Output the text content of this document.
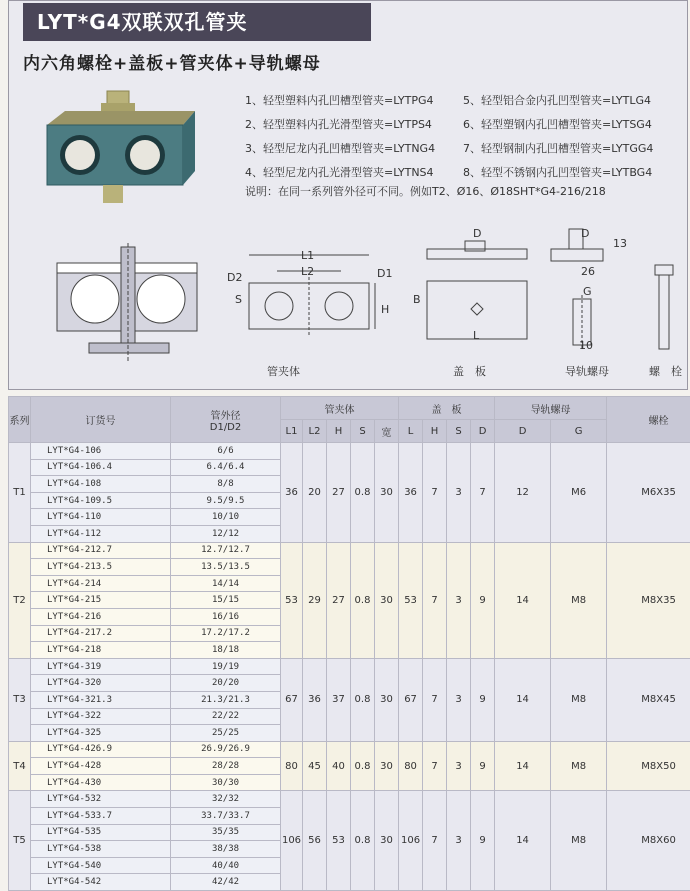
LYT*G4双联双孔管夹
内六角螺栓+盖板+管夹体+导轨螺母
L1
L2
D2	D1
S
H
D
B
L
D
13
26
G
10
1、轻型塑料内孔凹槽型管夹=LYTPG4	5、轻型铝合金内孔凹型管夹=LYTLG4
2、轻型塑料内孔光滑型管夹=LYTPS4	6、轻型塑钢内孔凹槽型管夹=LYTSG4
3、轻型尼龙内孔凹槽型管夹=LYTNG4	7、轻型钢制内孔凹槽型管夹=LYTGG4
4、轻型尼龙内孔光滑型管夹=LYTNS4	8、轻型不锈钢内孔凹型管夹=LYTBG4
说明：在同一系列管外径可不同。例如T2、Ø16、Ø18SHT*G4-216/218
管夹体	盖　板	导轨螺母	螺　栓
系列	订货号	管外径
D1/D2	管夹体					盖　板				导轨螺母		螺栓
			L1	L2	H	S	宽	L	H	S	D	D	G	
T1	LYT*G4-106	6/6	36	20	27	0.8	30	36	7	3	7	12	M6	M6X35
	LYT*G4-106.4	6.4/6.4												
	LYT*G4-108	8/8												
	LYT*G4-109.5	9.5/9.5												
	LYT*G4-110	10/10												
	LYT*G4-112	12/12												
T2	LYT*G4-212.7	12.7/12.7	53	29	27	0.8	30	53	7	3	9	14	M8	M8X35
	LYT*G4-213.5	13.5/13.5												
	LYT*G4-214	14/14												
	LYT*G4-215	15/15												
	LYT*G4-216	16/16												
	LYT*G4-217.2	17.2/17.2												
	LYT*G4-218	18/18												
T3	LYT*G4-319	19/19	67	36	37	0.8	30	67	7	3	9	14	M8	M8X45
	LYT*G4-320	20/20												
	LYT*G4-321.3	21.3/21.3												
	LYT*G4-322	22/22												
	LYT*G4-325	25/25												
T4	LYT*G4-426.9	26.9/26.9	80	45	40	0.8	30	80	7	3	9	14	M8	M8X50
	LYT*G4-428	28/28												
	LYT*G4-430	30/30												
T5	LYT*G4-532	32/32	106	56	53	0.8	30	106	7	3	9	14	M8	M8X60
	LYT*G4-533.7	33.7/33.7												
	LYT*G4-535	35/35												
	LYT*G4-538	38/38												
	LYT*G4-540	40/40												
	LYT*G4-542	42/42												
